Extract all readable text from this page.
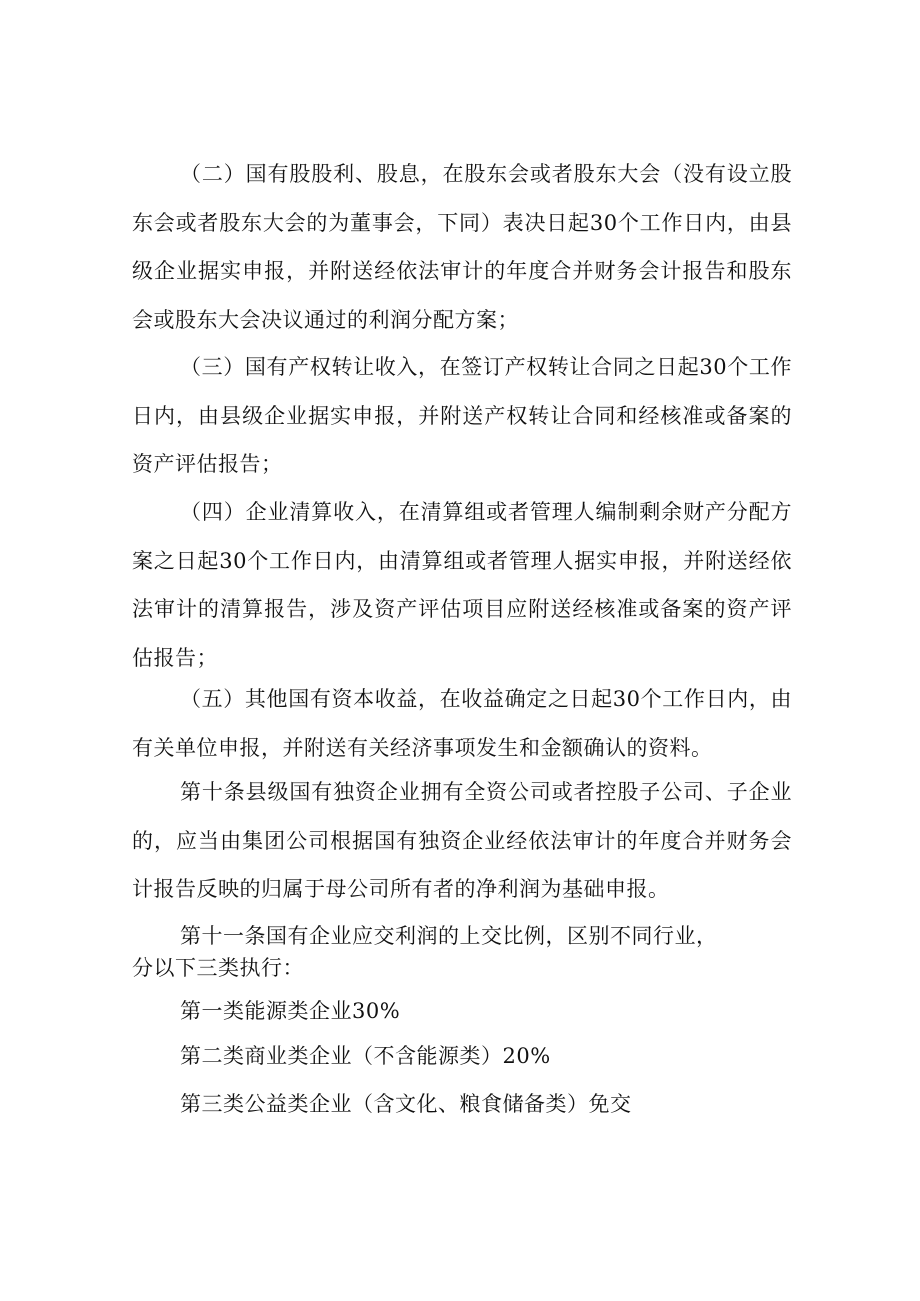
（二）国有股股利、股息，在股东会或者股东大会（没有设立股东会或者股东大会的为董事会，下同）表决日起30个工作日内，由县级企业据实申报，并附送经依法审计的年度合并财务会计报告和股东会或股东大会决议通过的利润分配方案；

（三）国有产权转让收入，在签订产权转让合同之日起30个工作日内，由县级企业据实申报，并附送产权转让合同和经核准或备案的资产评估报告；

（四）企业清算收入，在清算组或者管理人编制剩余财产分配方案之日起30个工作日内，由清算组或者管理人据实申报，并附送经依法审计的清算报告，涉及资产评估项目应附送经核准或备案的资产评估报告；

（五）其他国有资本收益，在收益确定之日起30个工作日内，由有关单位申报，并附送有关经济事项发生和金额确认的资料。

第十条县级国有独资企业拥有全资公司或者控股子公司、子企业的，应当由集团公司根据国有独资企业经依法审计的年度合并财务会计报告反映的归属于母公司所有者的净利润为基础申报。

第十一条国有企业应交利润的上交比例，区别不同行业，

分以下三类执行：

第一类能源类企业30%

第二类商业类企业（不含能源类）20%

第三类公益类企业（含文化、粮食储备类）免交
